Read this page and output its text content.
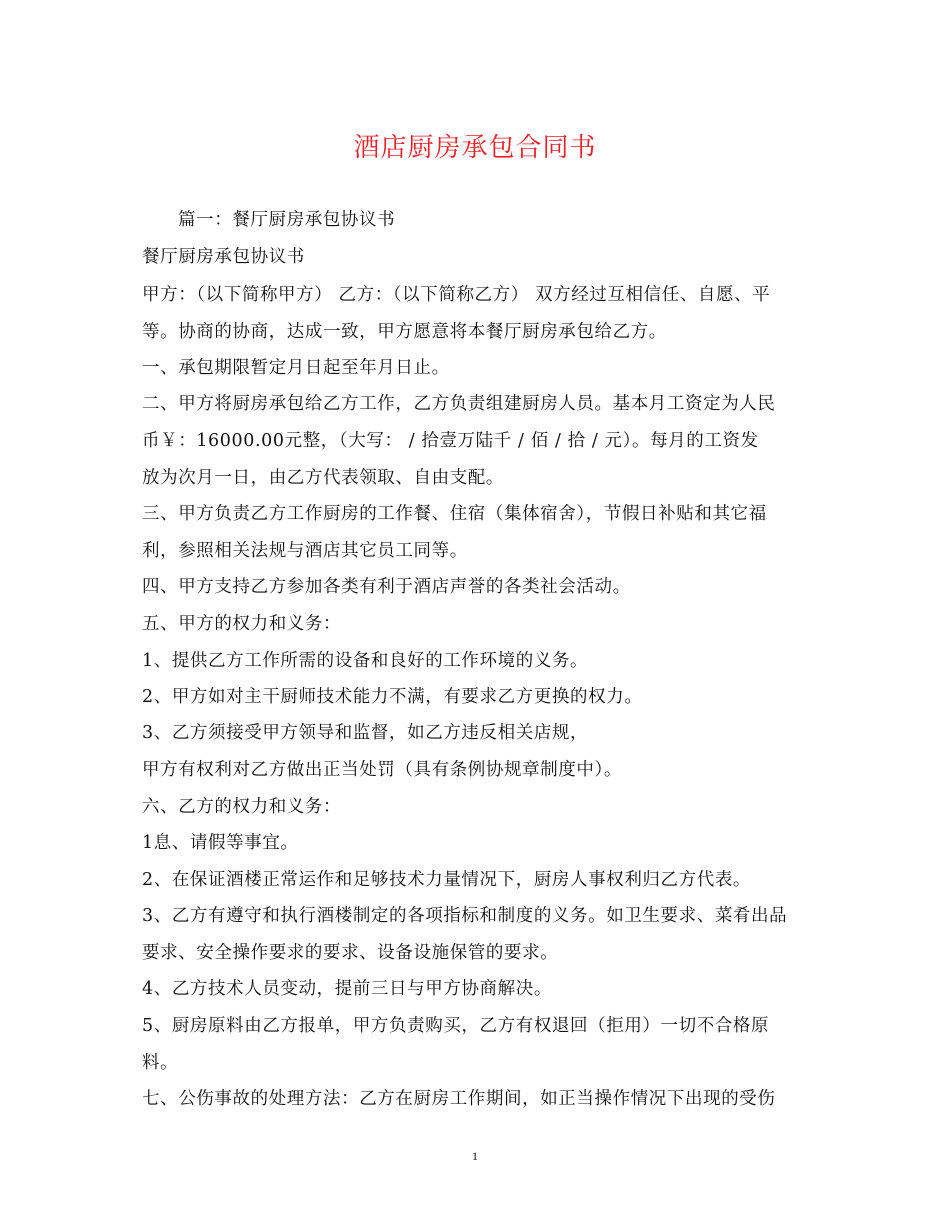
酒店厨房承包合同书
篇一：餐厅厨房承包协议书
餐厅厨房承包协议书
甲方：（以下简称甲方） 乙方：（以下简称乙方） 双方经过互相信任、自愿、平
等。协商的协商，达成一致，甲方愿意将本餐厅厨房承包给乙方。
一、承包期限暂定月日起至年月日止。
二、甲方将厨房承包给乙方工作，乙方负责组建厨房人员。基本月工资定为人民
币￥：16000.00元整，（大写： / 拾壹万陆千 / 佰 / 拾 / 元）。每月的工资发
放为次月一日，由乙方代表领取、自由支配。
三、甲方负责乙方工作厨房的工作餐、住宿（集体宿舍），节假日补贴和其它福
利，参照相关法规与酒店其它员工同等。
四、甲方支持乙方参加各类有利于酒店声誉的各类社会活动。
五、甲方的权力和义务：
1、提供乙方工作所需的设备和良好的工作环境的义务。
2、甲方如对主干厨师技术能力不满，有要求乙方更换的权力。
3、乙方须接受甲方领导和监督，如乙方违反相关店规，
甲方有权利对乙方做出正当处罚（具有条例协规章制度中）。
六、乙方的权力和义务：
1息、请假等事宜。
2、在保证酒楼正常运作和足够技术力量情况下，厨房人事权利归乙方代表。
3、乙方有遵守和执行酒楼制定的各项指标和制度的义务。如卫生要求、菜肴出品
要求、安全操作要求的要求、设备设施保管的要求。
4、乙方技术人员变动，提前三日与甲方协商解决。
5、厨房原料由乙方报单，甲方负责购买，乙方有权退回（拒用）一切不合格原
料。
七、公伤事故的处理方法：乙方在厨房工作期间，如正当操作情况下出现的受伤
1
